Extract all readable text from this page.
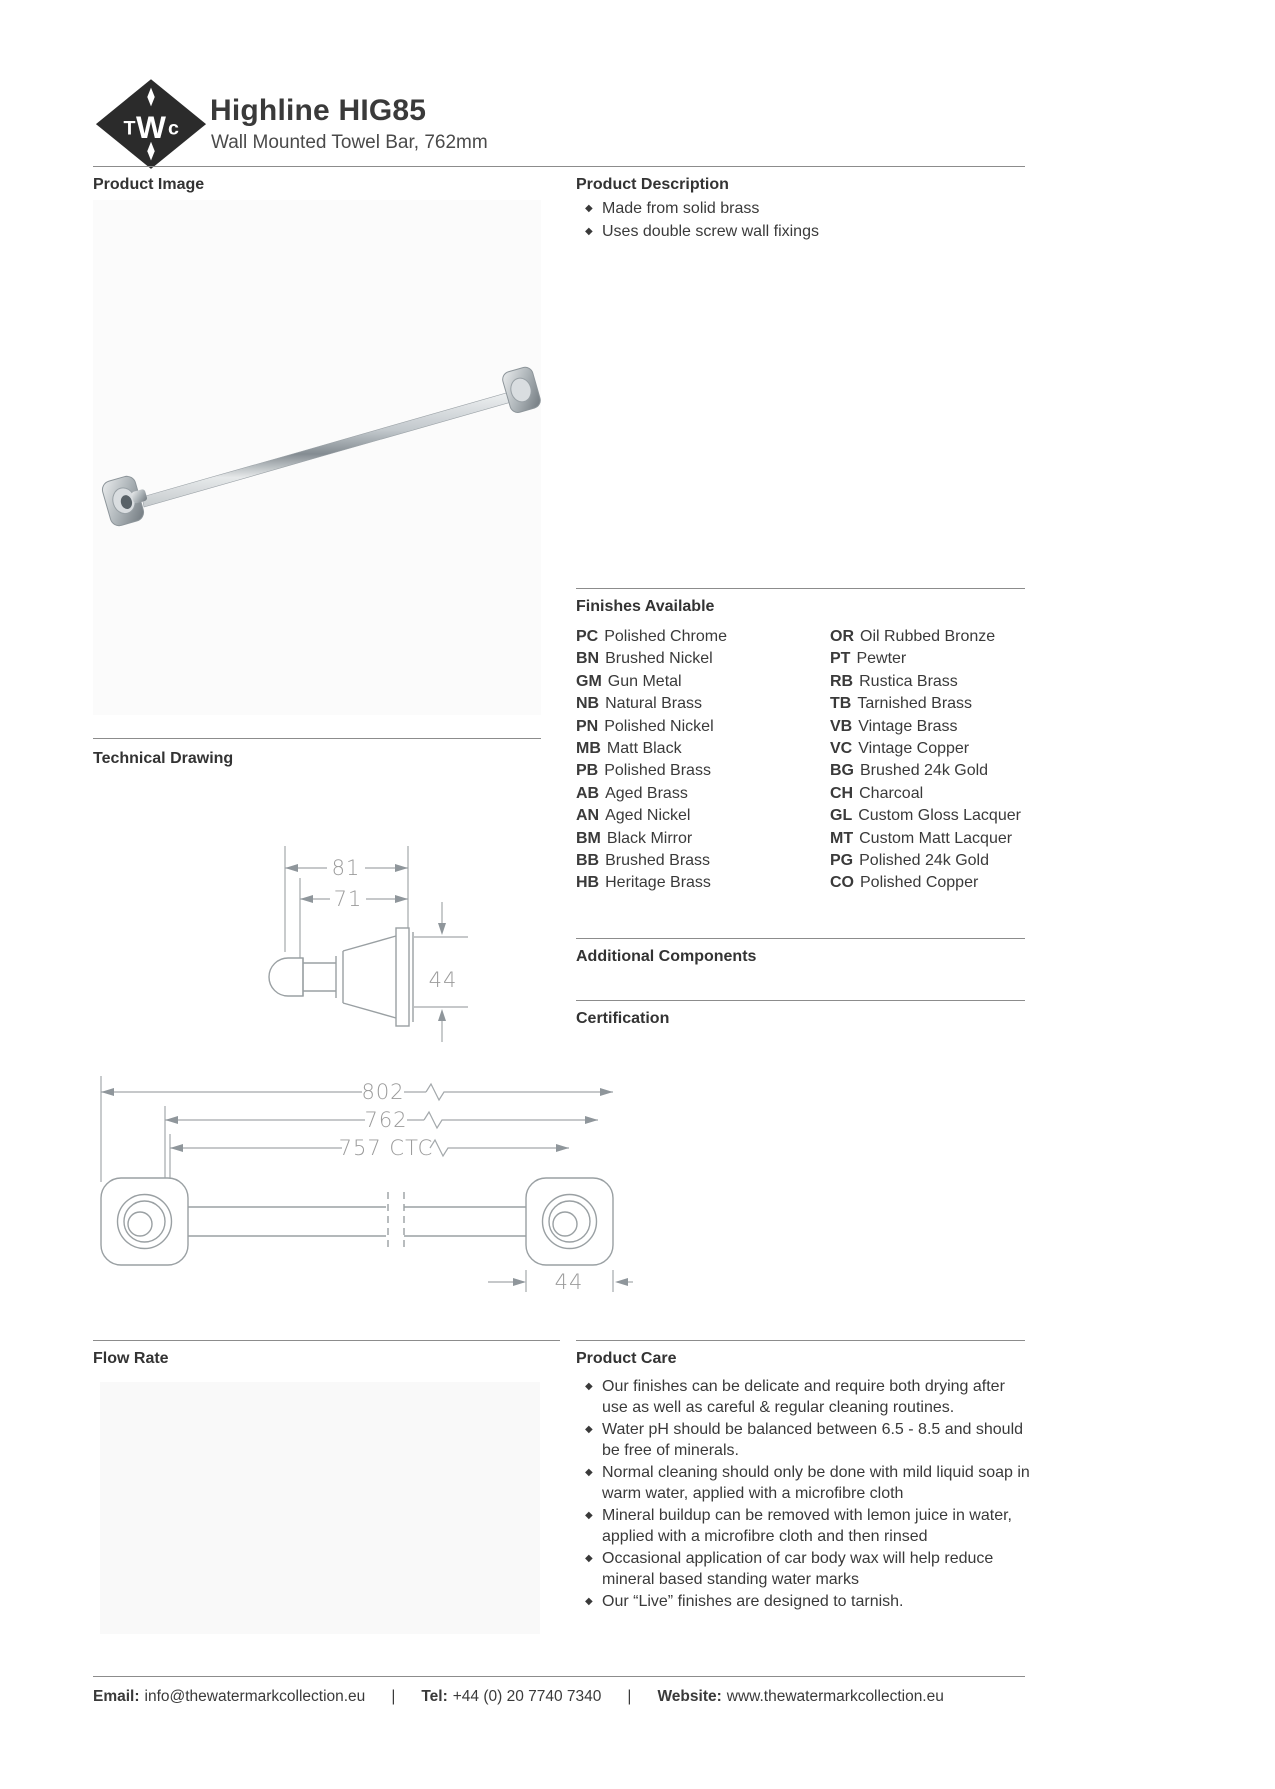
T W c
Highline HIG85
Wall Mounted Towel Bar, 762mm
Product Image
Technical Drawing
81
71
44
802
762
757 CTC
44
Flow Rate
Product Description
◆ Made from solid brass
◆ Uses double screw wall fixings
Finishes Available
PC Polished Chrome
BN Brushed Nickel
GM Gun Metal
NB Natural Brass
PN Polished Nickel
MB Matt Black
PB Polished Brass
AB Aged Brass
AN Aged Nickel
BM Black Mirror
BB Brushed Brass
HB Heritage Brass
OR Oil Rubbed Bronze
PT Pewter
RB Rustica Brass
TB Tarnished Brass
VB Vintage Brass
VC Vintage Copper
BG Brushed 24k Gold
CH Charcoal
GL Custom Gloss Lacquer
MT Custom Matt Lacquer
PG Polished 24k Gold
CO Polished Copper
Additional Components
Certification
Product Care
◆ Our finishes can be delicate and require both drying after use as well as careful & regular cleaning routines.
◆ Water pH should be balanced between 6.5 - 8.5 and should be free of minerals.
◆ Normal cleaning should only be done with mild liquid soap in warm water, applied with a microfibre cloth
◆ Mineral buildup can be removed with lemon juice in water, applied with a microfibre cloth and then rinsed
◆ Occasional application of car body wax will help reduce mineral based standing water marks
◆ Our “Live” finishes are designed to tarnish.
Email: info@thewatermarkcollection.eu | Tel: +44 (0) 20 7740 7340 | Website: www.thewatermarkcollection.eu
